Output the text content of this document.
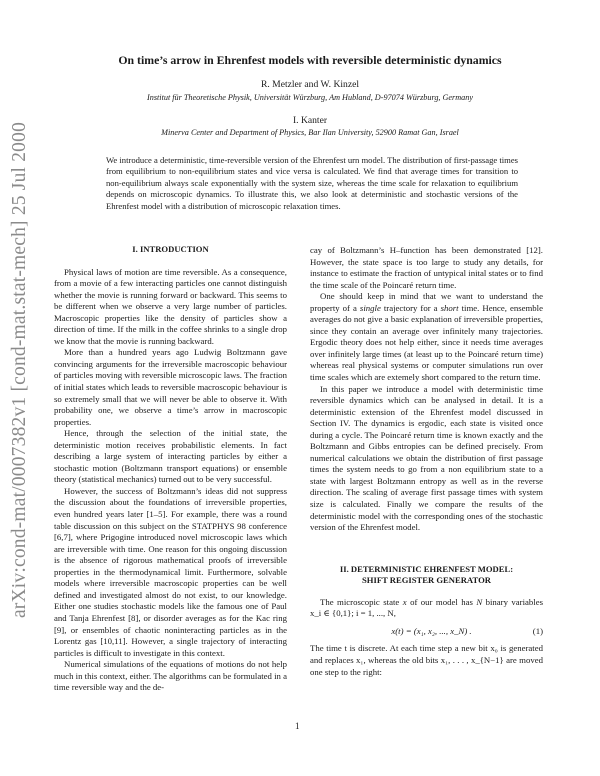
arXiv:cond-mat/0007382v1 [cond-mat.stat-mech] 25 Jul 2000
On time’s arrow in Ehrenfest models with reversible deterministic dynamics
R. Metzler and W. Kinzel
Institut für Theoretische Physik, Universität Würzburg, Am Hubland, D-97074 Würzburg, Germany
I. Kanter
Minerva Center and Department of Physics, Bar Ilan University, 52900 Ramat Gan, Israel
We introduce a deterministic, time-reversible version of the Ehrenfest urn model. The distribution of first-passage times from equilibrium to non-equilibrium states and vice versa is calculated. We find that average times for transition to non-equilibrium always scale exponentially with the system size, whereas the time scale for relaxation to equilibrium depends on microscopic dynamics. To illustrate this, we also look at deterministic and stochastic versions of the Ehrenfest model with a distribution of microscopic relaxation times.

I. INTRODUCTION

Physical laws of motion are time reversible. As a consequence, from a movie of a few interacting particles one cannot distinguish whether the movie is running forward or backward. This seems to be different when we observe a very large number of particles. Macroscopic properties like the density of particles show a direction of time. If the milk in the coffee shrinks to a single drop we know that the movie is running backward.

More than a hundred years ago Ludwig Boltzmann gave convincing arguments for the irreversible macroscopic behaviour of particles moving with reversible microscopic laws. The fraction of initial states which leads to reversible macroscopic behaviour is so extremely small that we will never be able to observe it. With probability one, we observe a time’s arrow in macroscopic properties.

Hence, through the selection of the initial state, the deterministic motion receives probabilistic elements. In fact describing a large system of interacting particles by either a stochastic motion (Boltzmann transport equations) or ensemble theory (statistical mechanics) turned out to be very successful.

However, the success of Boltzmann’s ideas did not suppress the discussion about the foundations of irreversible properties, even hundred years later [1–5]. For example, there was a round table discussion on this subject on the STATPHYS 98 conference [6,7], where Prigogine introduced novel microscopic laws which are irreversible with time. One reason for this ongoing discussion is the absence of rigorous mathematical proofs of irreversible properties in the thermodynamical limit. Furthermore, solvable models where irreversible macroscopic properties can be well defined and investigated almost do not exist, to our knowledge. Either one studies stochastic models like the famous one of Paul and Tanja Ehrenfest [8], or disorder averages as for the Kac ring [9], or ensembles of chaotic noninteracting particles as in the Lorentz gas [10,11]. However, a single trajectory of interacting particles is difficult to investigate in this context.

Numerical simulations of the equations of motions do not help much in this context, either. The algorithms can be formulated in a time reversible way and the de-

cay of Boltzmann’s H–function has been demonstrated [12]. However, the state space is too large to study any details, for instance to estimate the fraction of untypical inital states or to find the time scale of the Poincaré return time.

One should keep in mind that we want to understand the property of a single trajectory for a short time. Hence, ensemble averages do not give a basic explanation of irreversible properties, since they contain an average over infinitely many trajectories. Ergodic theory does not help either, since it needs time averages over infinitely large times (at least up to the Poincaré return time) whereas real physical systems or computer simulations run over time scales which are extemely short compared to the return time.

In this paper we introduce a model with deterministic time reversible dynamics which can be analysed in detail. It is a deterministic extension of the Ehrenfest model discussed in Section IV. The dynamics is ergodic, each state is visited once during a cycle. The Poincaré return time is known exactly and the Boltzmann and Gibbs entropies can be defined precisely. From numerical calculations we obtain the distribution of first passage times the system needs to go from a non equilibrium state to a state with largest Boltzmann entropy as well as in the reverse direction. The scaling of average first passage times with system size is calculated. Finally we compare the results of the deterministic model with the corresponding ones of the stochastic version of the Ehrenfest model.

II. DETERMINISTIC EHRENFEST MODEL:

SHIFT REGISTER GENERATOR

The microscopic state x of our model has N binary variables x_i ∈ {0,1}; i = 1, ..., N,

x(t) = (x₁, x₂, ..., x_N) .	(1)

The time t is discrete. At each time step a new bit x₀ is generated and replaces x₁, whereas the old bits x₁, . . . , x_{N−1} are moved one step to the right:

1
